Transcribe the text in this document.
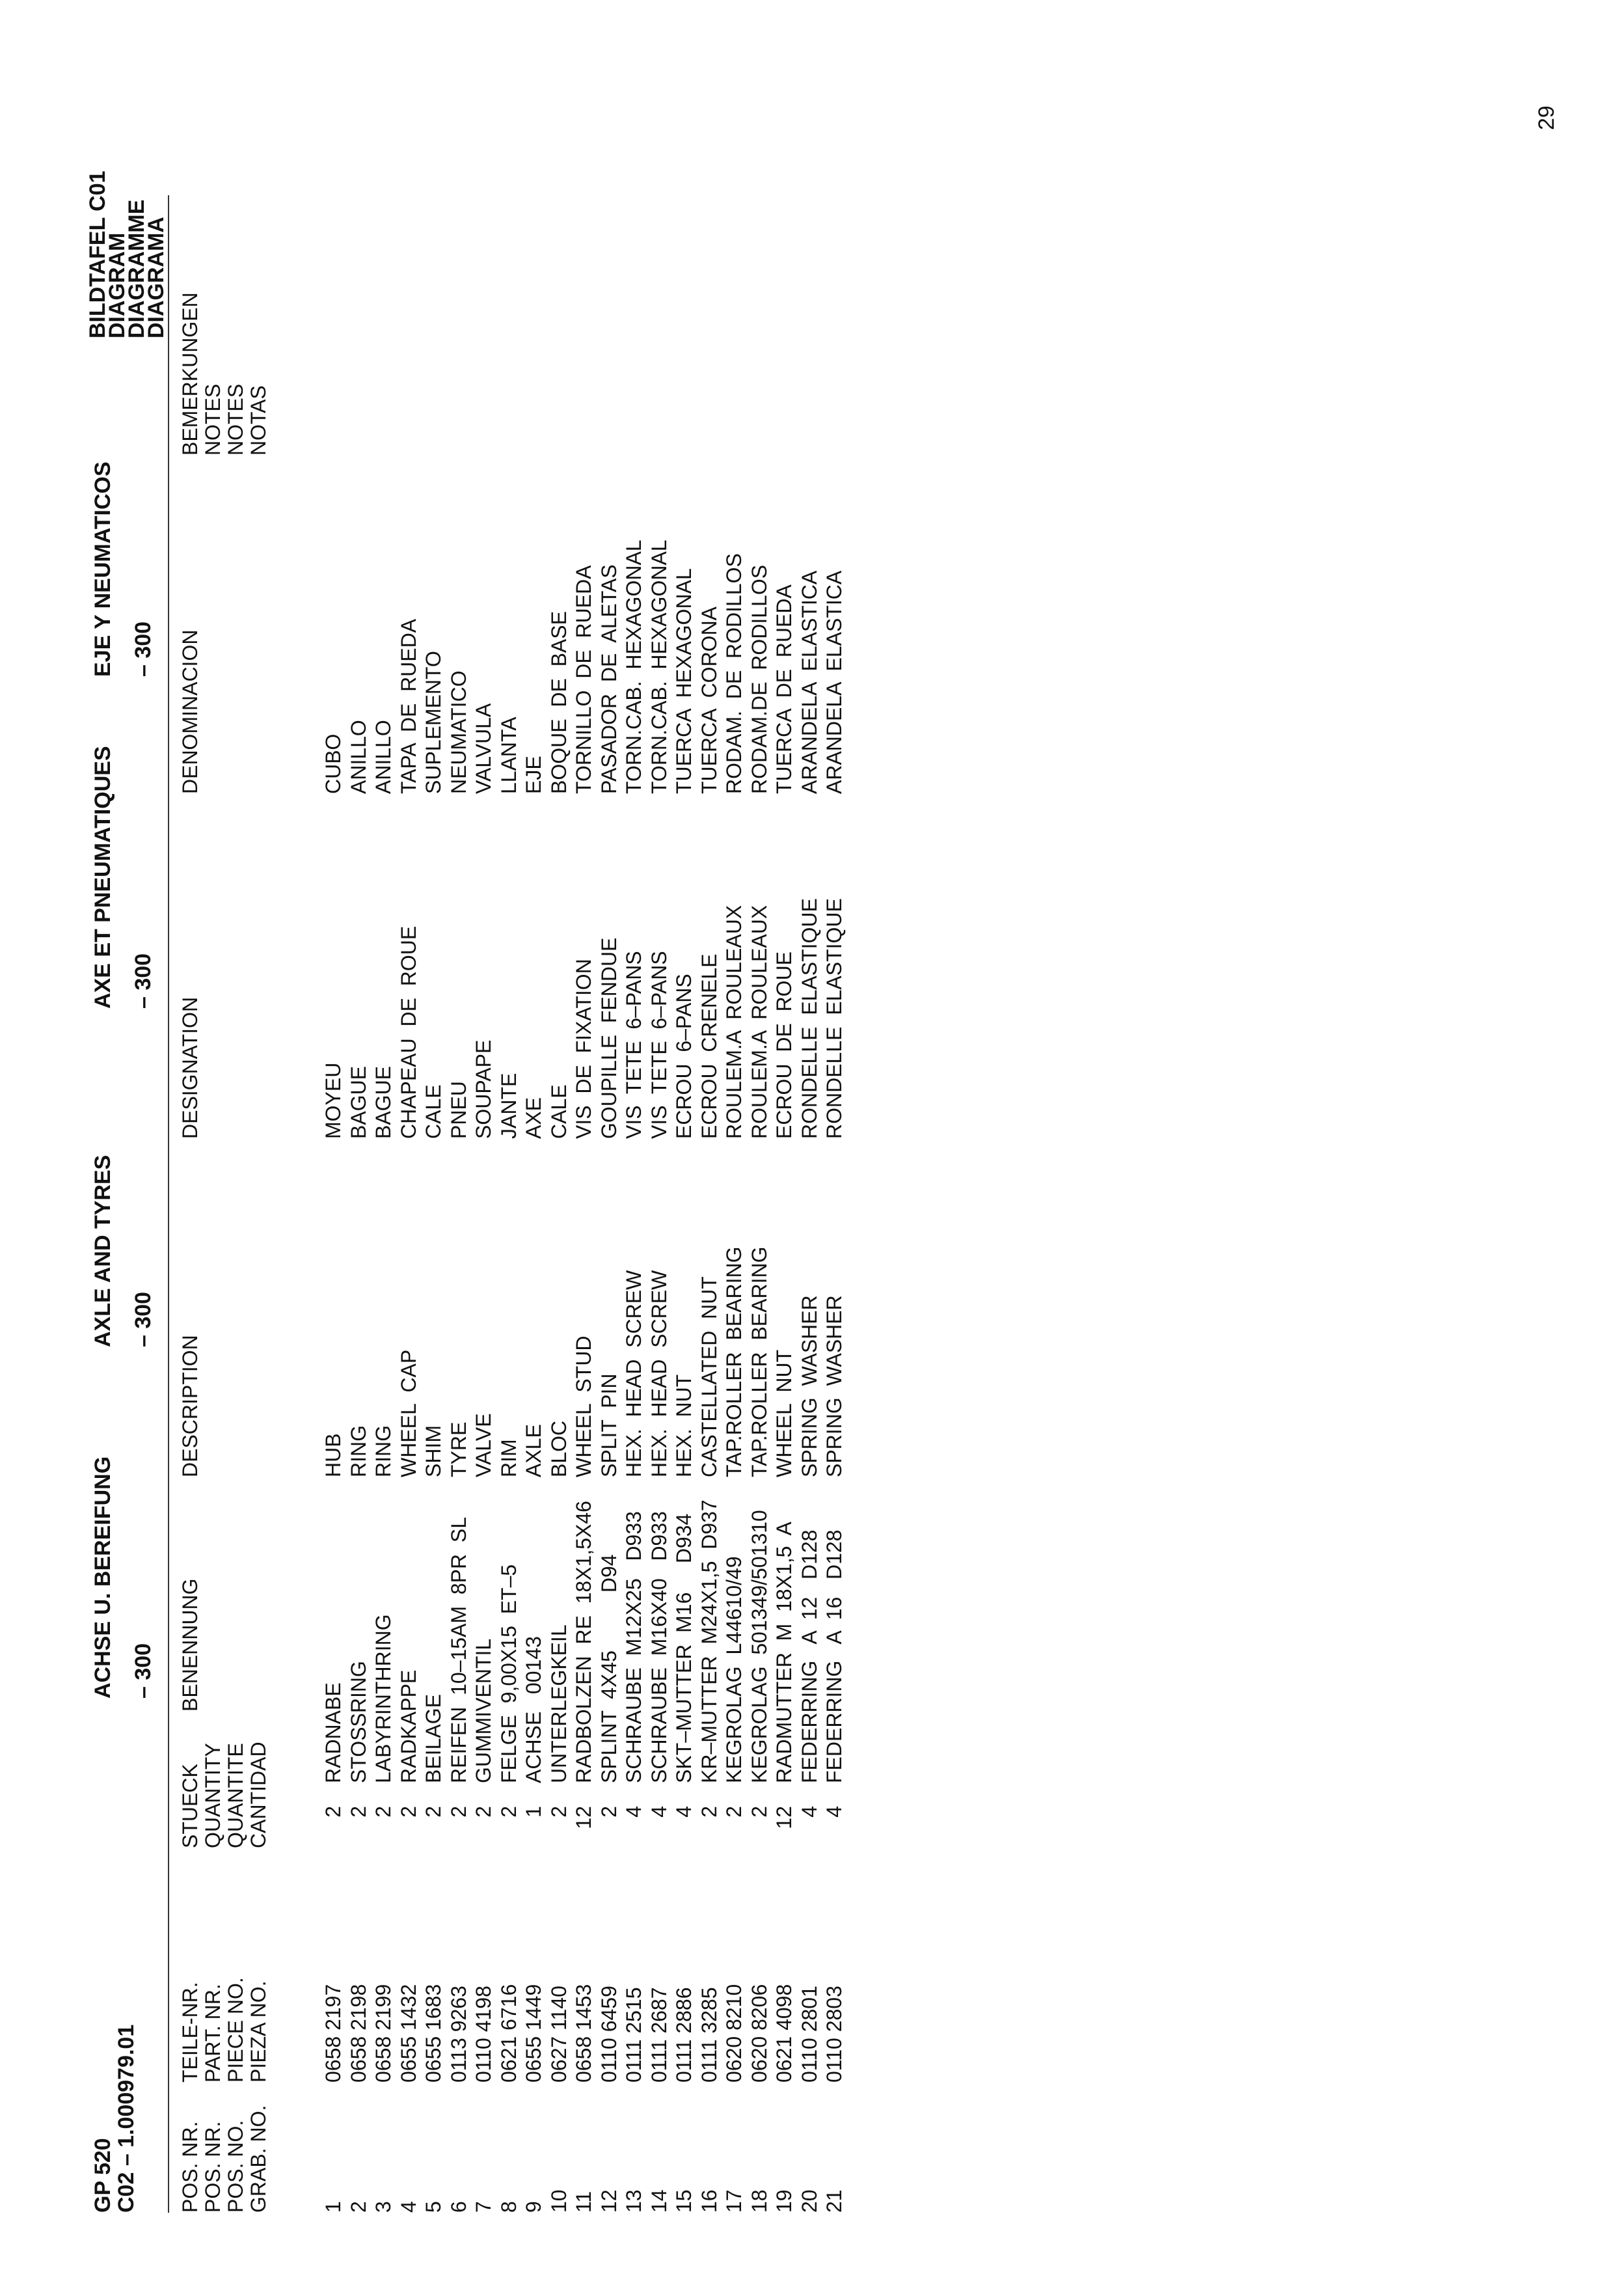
29
GP 520
C02 – 1.000979.01
ACHSE U. BEREIFUNG – 300
AXLE AND TYRES – 300
AXE ET PNEUMATIQUES – 300
EJE Y NEUMATICOS – 300
BILDTAFEL C01
DIAGRAM
DIAGRAMME
DIAGRAMA
POS. NR. POS. NR. POS. NO. GRAB. NO.
TEILE-NR. PART. NR. PIECE NO. PIEZA NO.
STUECK QUANTITY QUANTITE CANTIDAD
BENENNUNG
DESCRIPTION
DESIGNATION
DENOMINACION
BEMERKUNGEN NOTES NOTES NOTAS
1
0658 2197
2
RADNABE
HUB
MOYEU
CUBO
2
0658 2198
2
STOSSRING
RING
BAGUE
ANILLO
3
0658 2199
2
LABYRINTHRING
RING
BAGUE
ANILLO
4
0655 1432
2
RADKAPPE
WHEEL  CAP
CHAPEAU  DE  ROUE
TAPA  DE  RUEDA
5
0655 1683
2
BEILAGE
SHIM
CALE
SUPLEMENTO
6
0113 9263
2
REIFEN  10–15AM  8PR  SL
TYRE
PNEU
NEUMATICO
7
0110 4198
2
GUMMIVENTIL
VALVE
SOUPAPE
VALVULA
8
0621 6716
2
FELGE  9,00X15  ET–5
RIM
JANTE
LLANTA
9
0655 1449
1
ACHSE   00143
AXLE
AXE
EJE
10
0627 1140
2
UNTERLEGKEIL
BLOC
CALE
BOQUE  DE  BASE
11
0658 1453
12
RADBOLZEN  RE  18X1,5X46
WHEEL  STUD
VIS  DE  FIXATION
TORNILLO  DE  RUEDA
12
0110 6459
2
SPLINT  4X45          D94
SPLIT  PIN
GOUPILLE  FENDUE
PASADOR  DE  ALETAS
13
0111 2515
4
SCHRAUBE  M12X25   D933
HEX.  HEAD  SCREW
VIS  TETE  6–PANS
TORN.CAB.  HEXAGONAL
14
0111 2687
4
SCHRAUBE  M16X40   D933
HEX.  HEAD  SCREW
VIS  TETE  6–PANS
TORN.CAB.  HEXAGONAL
15
0111 2886
4
SKT–MUTTER  M16     D934
HEX.  NUT
ECROU  6–PANS
TUERCA  HEXAGONAL
16
0111 3285
2
KR–MUTTER  M24X1,5  D937
CASTELLATED  NUT
ECROU  CRENELE
TUERCA  CORONA
17
0620 8210
2
KEGROLAG  L44610/49
TAP.ROLLER  BEARING
ROULEM.A  ROULEAUX
RODAM.  DE  RODILLOS
18
0620 8206
2
KEGROLAG  501349/501310
TAP.ROLLER  BEARING
ROULEM.A  ROULEAUX
RODAM.DE  RODILLOS
19
0621 4098
12
RADMUTTER  M  18X1,5  A
WHEEL  NUT
ECROU  DE  ROUE
TUERCA  DE  RUEDA
20
0110 2801
4
FEDERRING   A  12   D128
SPRING  WASHER
RONDELLE  ELASTIQUE
ARANDELA  ELASTICA
21
0110 2803
4
FEDERRING   A  16   D128
SPRING  WASHER
RONDELLE  ELASTIQUE
ARANDELA  ELASTICA
